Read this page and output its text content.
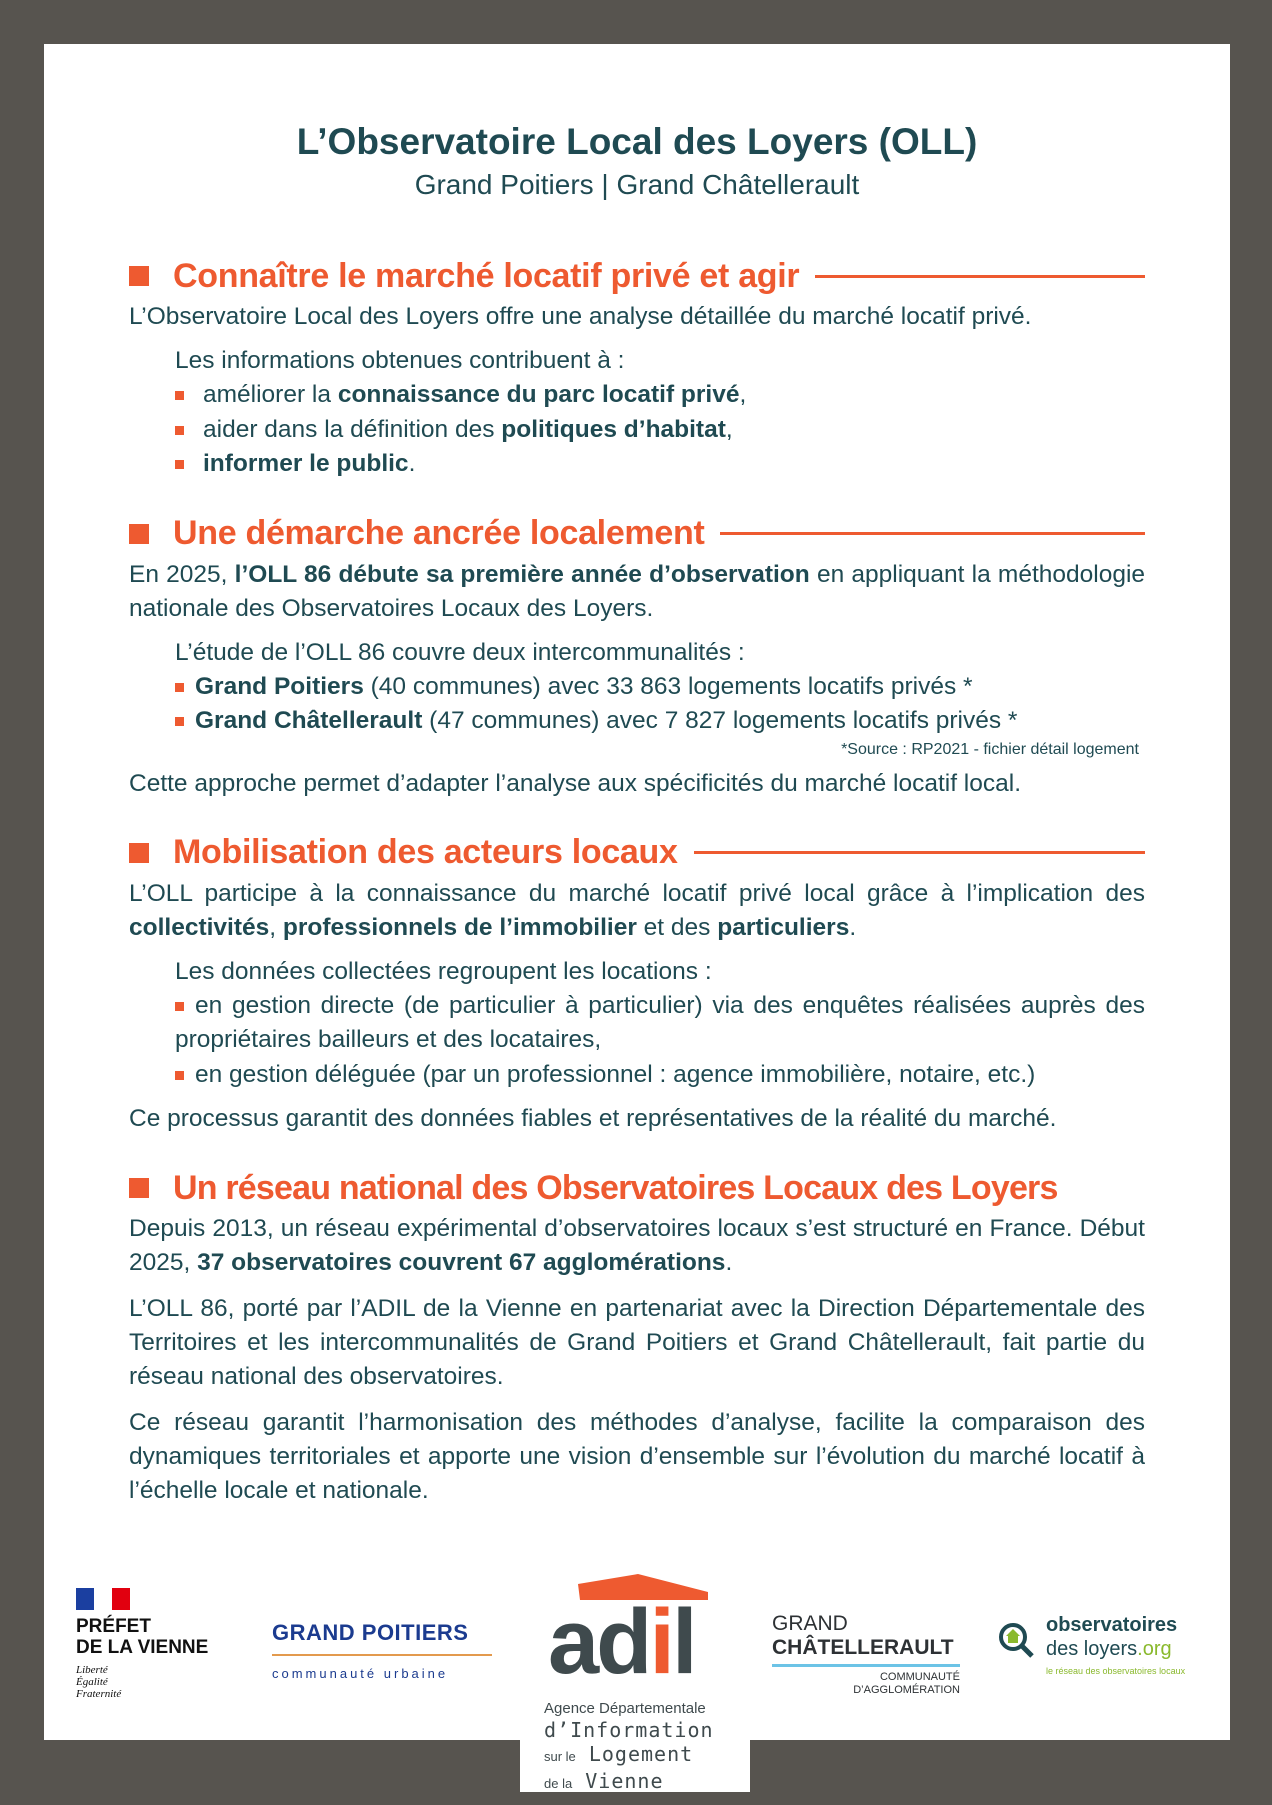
L’Observatoire Local des Loyers (OLL)

Grand Poitiers | Grand Châtellerault

Connaître le marché locatif privé et agir

L’Observatoire Local des Loyers offre une analyse détaillée du marché locatif privé.

Les informations obtenues contribuent à :

améliorer la connaissance du parc locatif privé,
aider dans la définition des politiques d’habitat,
informer le public.
Une démarche ancrée localement

En 2025, l’OLL 86 débute sa première année d’observation en appliquant la méthodologie nationale des Observatoires Locaux des Loyers.

L’étude de l’OLL 86 couvre deux intercommunalités :

Grand Poitiers (40 communes) avec 33 863 logements locatifs privés *
Grand Châtellerault (47 communes) avec 7 827 logements locatifs privés *

*Source : RP2021 - fichier détail logement

Cette approche permet d’adapter l’analyse aux spécificités du marché locatif local.

Mobilisation des acteurs locaux

L’OLL participe à la connaissance du marché locatif privé local grâce à l’implication des collectivités, professionnels de l’immobilier et des particuliers.

Les données collectées regroupent les locations :

en gestion directe (de particulier à particulier) via des enquêtes réalisées auprès des propriétaires bailleurs et des locataires,
en gestion déléguée (par un professionnel : agence immobilière, notaire, etc.)

Ce processus garantit des données fiables et représentatives de la réalité du marché.

Un réseau national des Observatoires Locaux des Loyers

Depuis 2013, un réseau expérimental d’observatoires locaux s’est structuré en France. Début 2025, 37 observatoires couvrent 67 agglomérations.

L’OLL 86, porté par l’ADIL de la Vienne en partenariat avec la Direction Départementale des Territoires et les intercommunalités de Grand Poitiers et Grand Châtellerault, fait partie du réseau national des observatoires.

Ce réseau garantit l’harmonisation des méthodes d’analyse, facilite la comparaison des dynamiques territoriales et apporte une vision d’ensemble sur l’évolution du marché locatif à l’échelle locale et nationale.

PRÉFET
DE LA VIENNE
Liberté
Égalité
Fraternité
GRAND POITIERS
communauté urbaine	adil
Agence Départementale
d’Information
sur le Logement
de la Vienne
GRAND
CHÂTELLERAULT
COMMUNAUTÉ
D’AGGLOMÉRATION
observatoires
des loyers.org
le réseau des observatoires locaux
